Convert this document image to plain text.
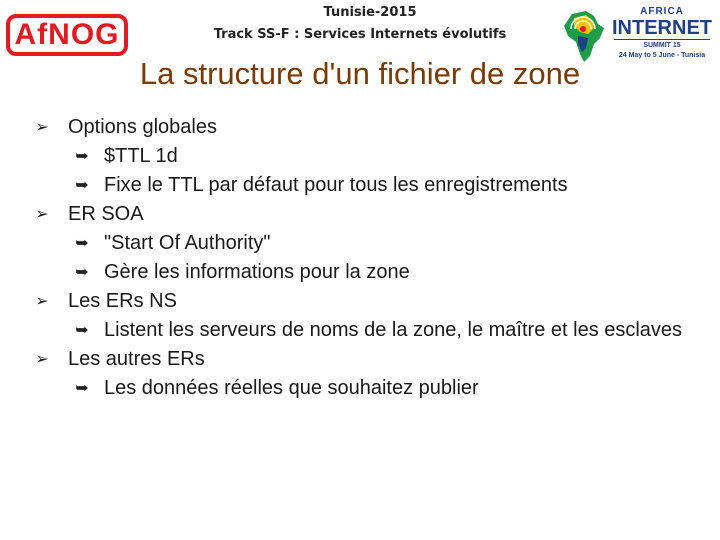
AfNOG
Tunisie-2015
Track SS-F : Services Internets évolutifs
AFRICA
INTERNET
SUMMIT 15
24 May to 5 June - Tunisia
La structure d'un fichier de zone

➢ Options globales

➥ $TTL 1d

➥ Fixe le TTL par défaut pour tous les enregistrements

➢ ER SOA

➥ "Start Of Authority"

➥ Gère les informations pour la zone

➢ Les ERs NS

➥ Listent les serveurs de noms de la zone, le maître et les esclaves

➢ Les autres ERs

➥ Les données réelles que souhaitez publier
